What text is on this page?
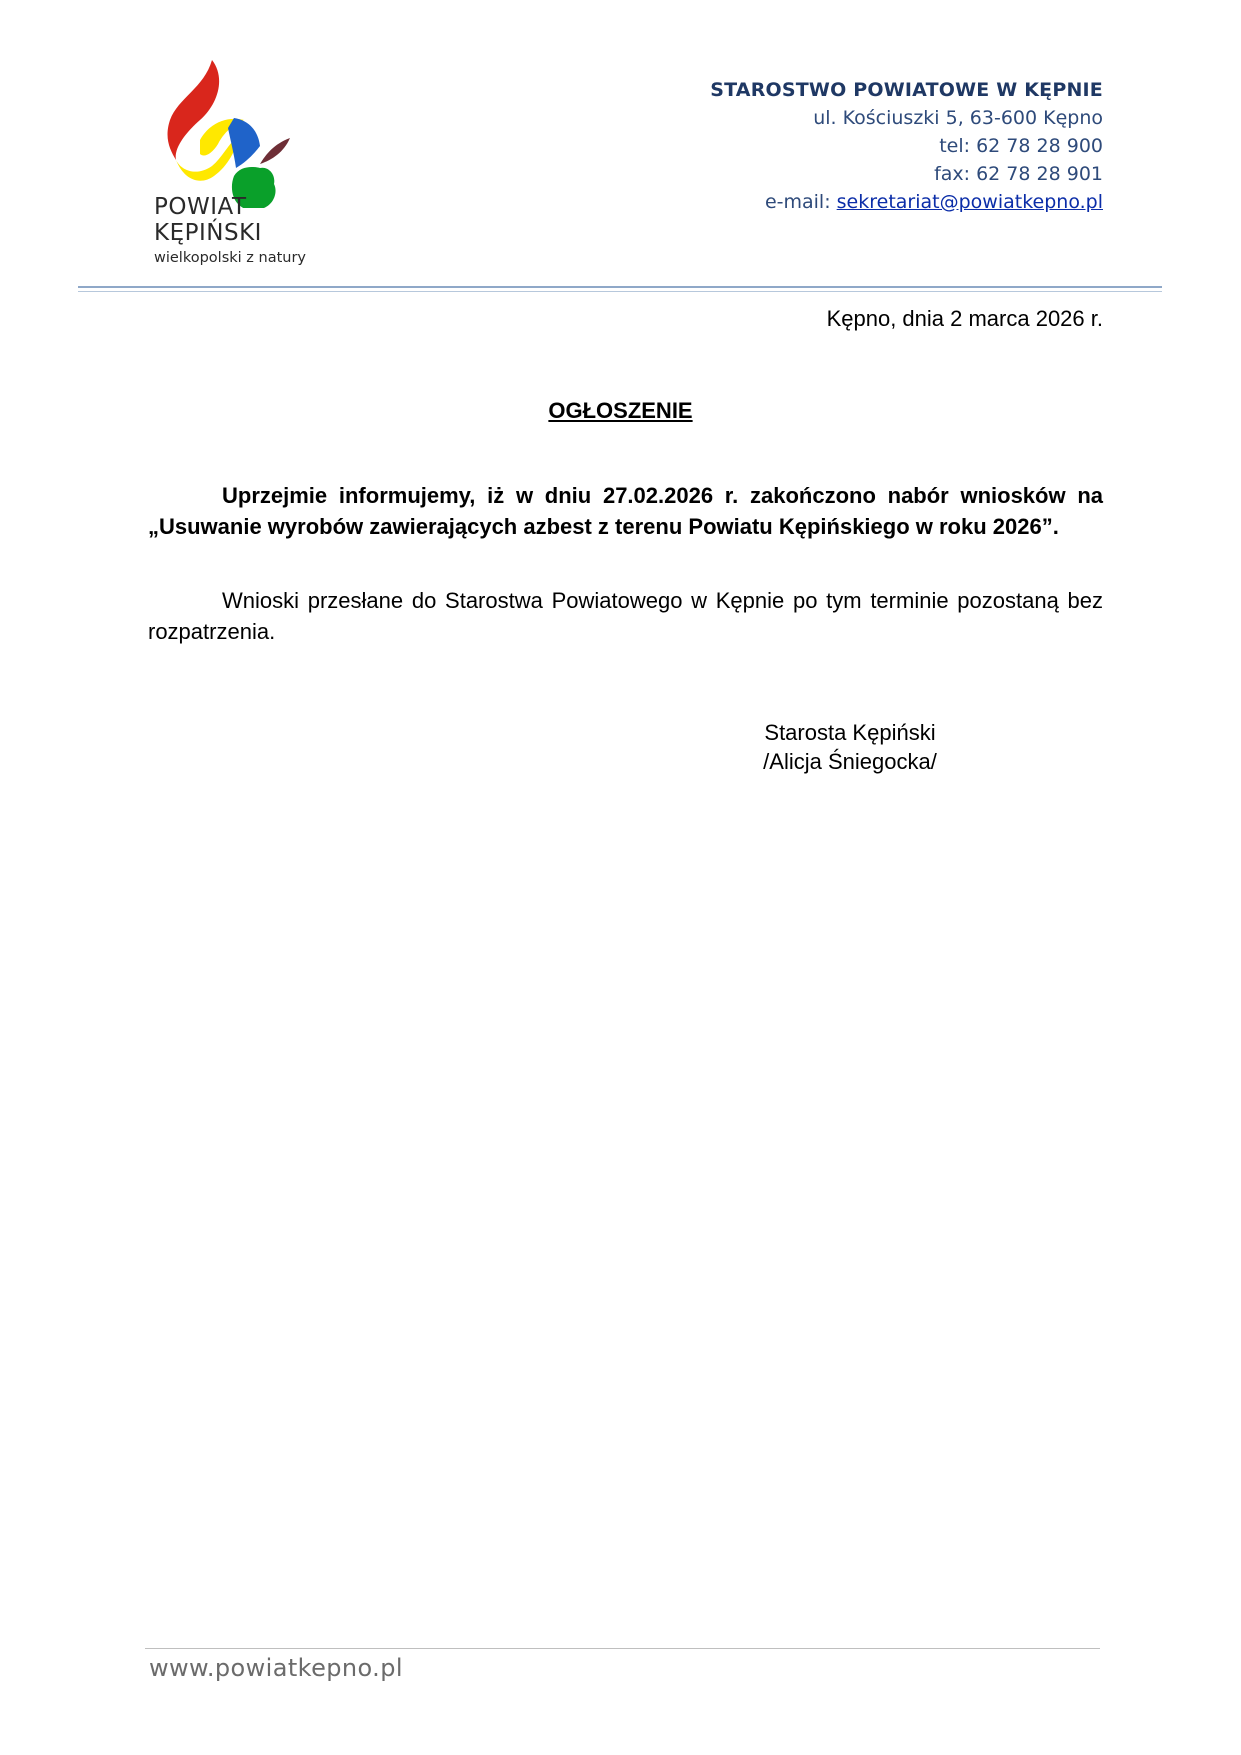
POWIAT
KĘPIŃSKI
wielkopolski z natury
STAROSTWO POWIATOWE W KĘPNIE
ul. Kościuszki 5, 63-600 Kępno
tel: 62 78 28 900
fax: 62 78 28 901
e-mail: sekretariat@powiatkepno.pl
Kępno, dnia 2 marca 2026 r.
OGŁOSZENIE
Uprzejmie informujemy, iż w dniu 27.02.2026 r. zakończono nabór wniosków na „Usuwanie wyrobów zawierających azbest z terenu Powiatu Kępińskiego w roku 2026”.
Wnioski przesłane do Starostwa Powiatowego w Kępnie po tym terminie pozostaną bez rozpatrzenia.
Starosta Kępiński
/Alicja Śniegocka/
www.powiatkepno.pl
